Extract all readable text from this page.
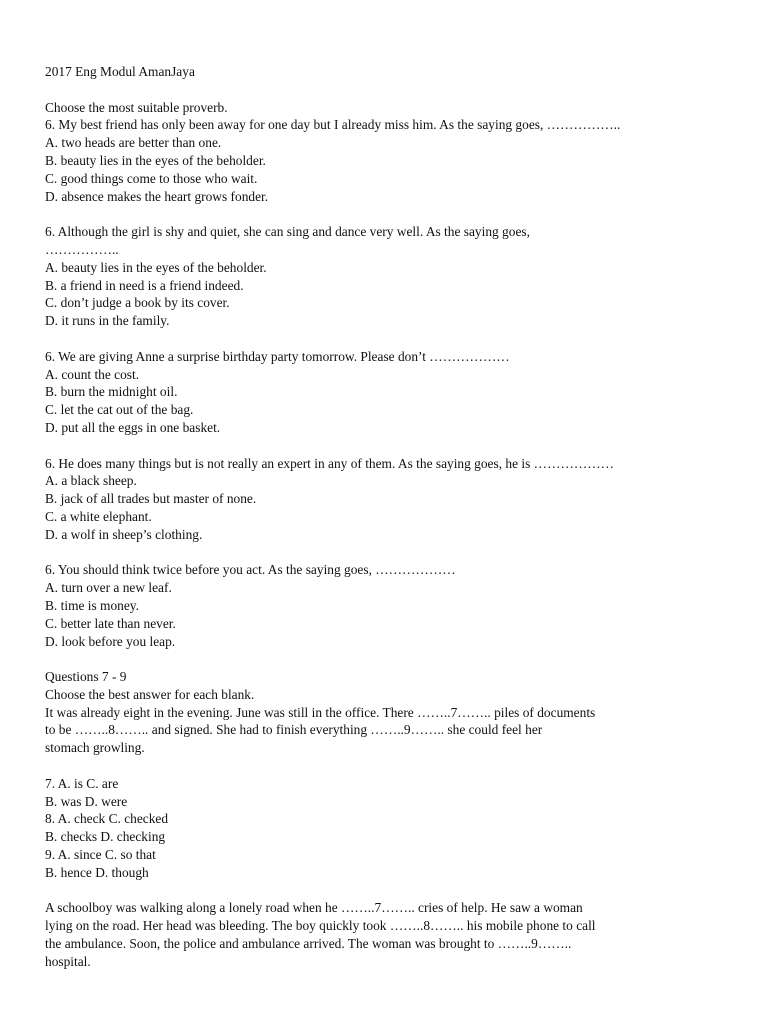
2017 Eng Modul AmanJaya
Choose the most suitable proverb.
6. My best friend has only been away for one day but I already miss him. As the saying goes, ……………..
A. two heads are better than one.
B. beauty lies in the eyes of the beholder.
C. good things come to those who wait.
D. absence makes the heart grows fonder.
6. Although the girl is shy and quiet, she can sing and dance very well. As the saying goes,
……………..
A. beauty lies in the eyes of the beholder.
B. a friend in need is a friend indeed.
C. don’t judge a book by its cover.
D. it runs in the family.
6. We are giving Anne a surprise birthday party tomorrow. Please don’t ………………
A. count the cost.
B. burn the midnight oil.
C. let the cat out of the bag.
D. put all the eggs in one basket.
6. He does many things but is not really an expert in any of them. As the saying goes, he is ………………
A. a black sheep.
B. jack of all trades but master of none.
C. a white elephant.
D. a wolf in sheep’s clothing.
6. You should think twice before you act. As the saying goes, ………………
A. turn over a new leaf.
B. time is money.
C. better late than never.
D. look before you leap.
Questions 7 - 9
Choose the best answer for each blank.
It was already eight in the evening. June was still in the office. There ……..7…….. piles of documents
to be ……..8…….. and signed. She had to finish everything ……..9…….. she could feel her
stomach growling.
7. A. is C. are
B. was D. were
8. A. check C. checked
B. checks D. checking
9. A. since C. so that
B. hence D. though
A schoolboy was walking along a lonely road when he ……..7…….. cries of help. He saw a woman
lying on the road. Her head was bleeding. The boy quickly took ……..8…….. his mobile phone to call
the ambulance. Soon, the police and ambulance arrived. The woman was brought to ……..9……..
hospital.
